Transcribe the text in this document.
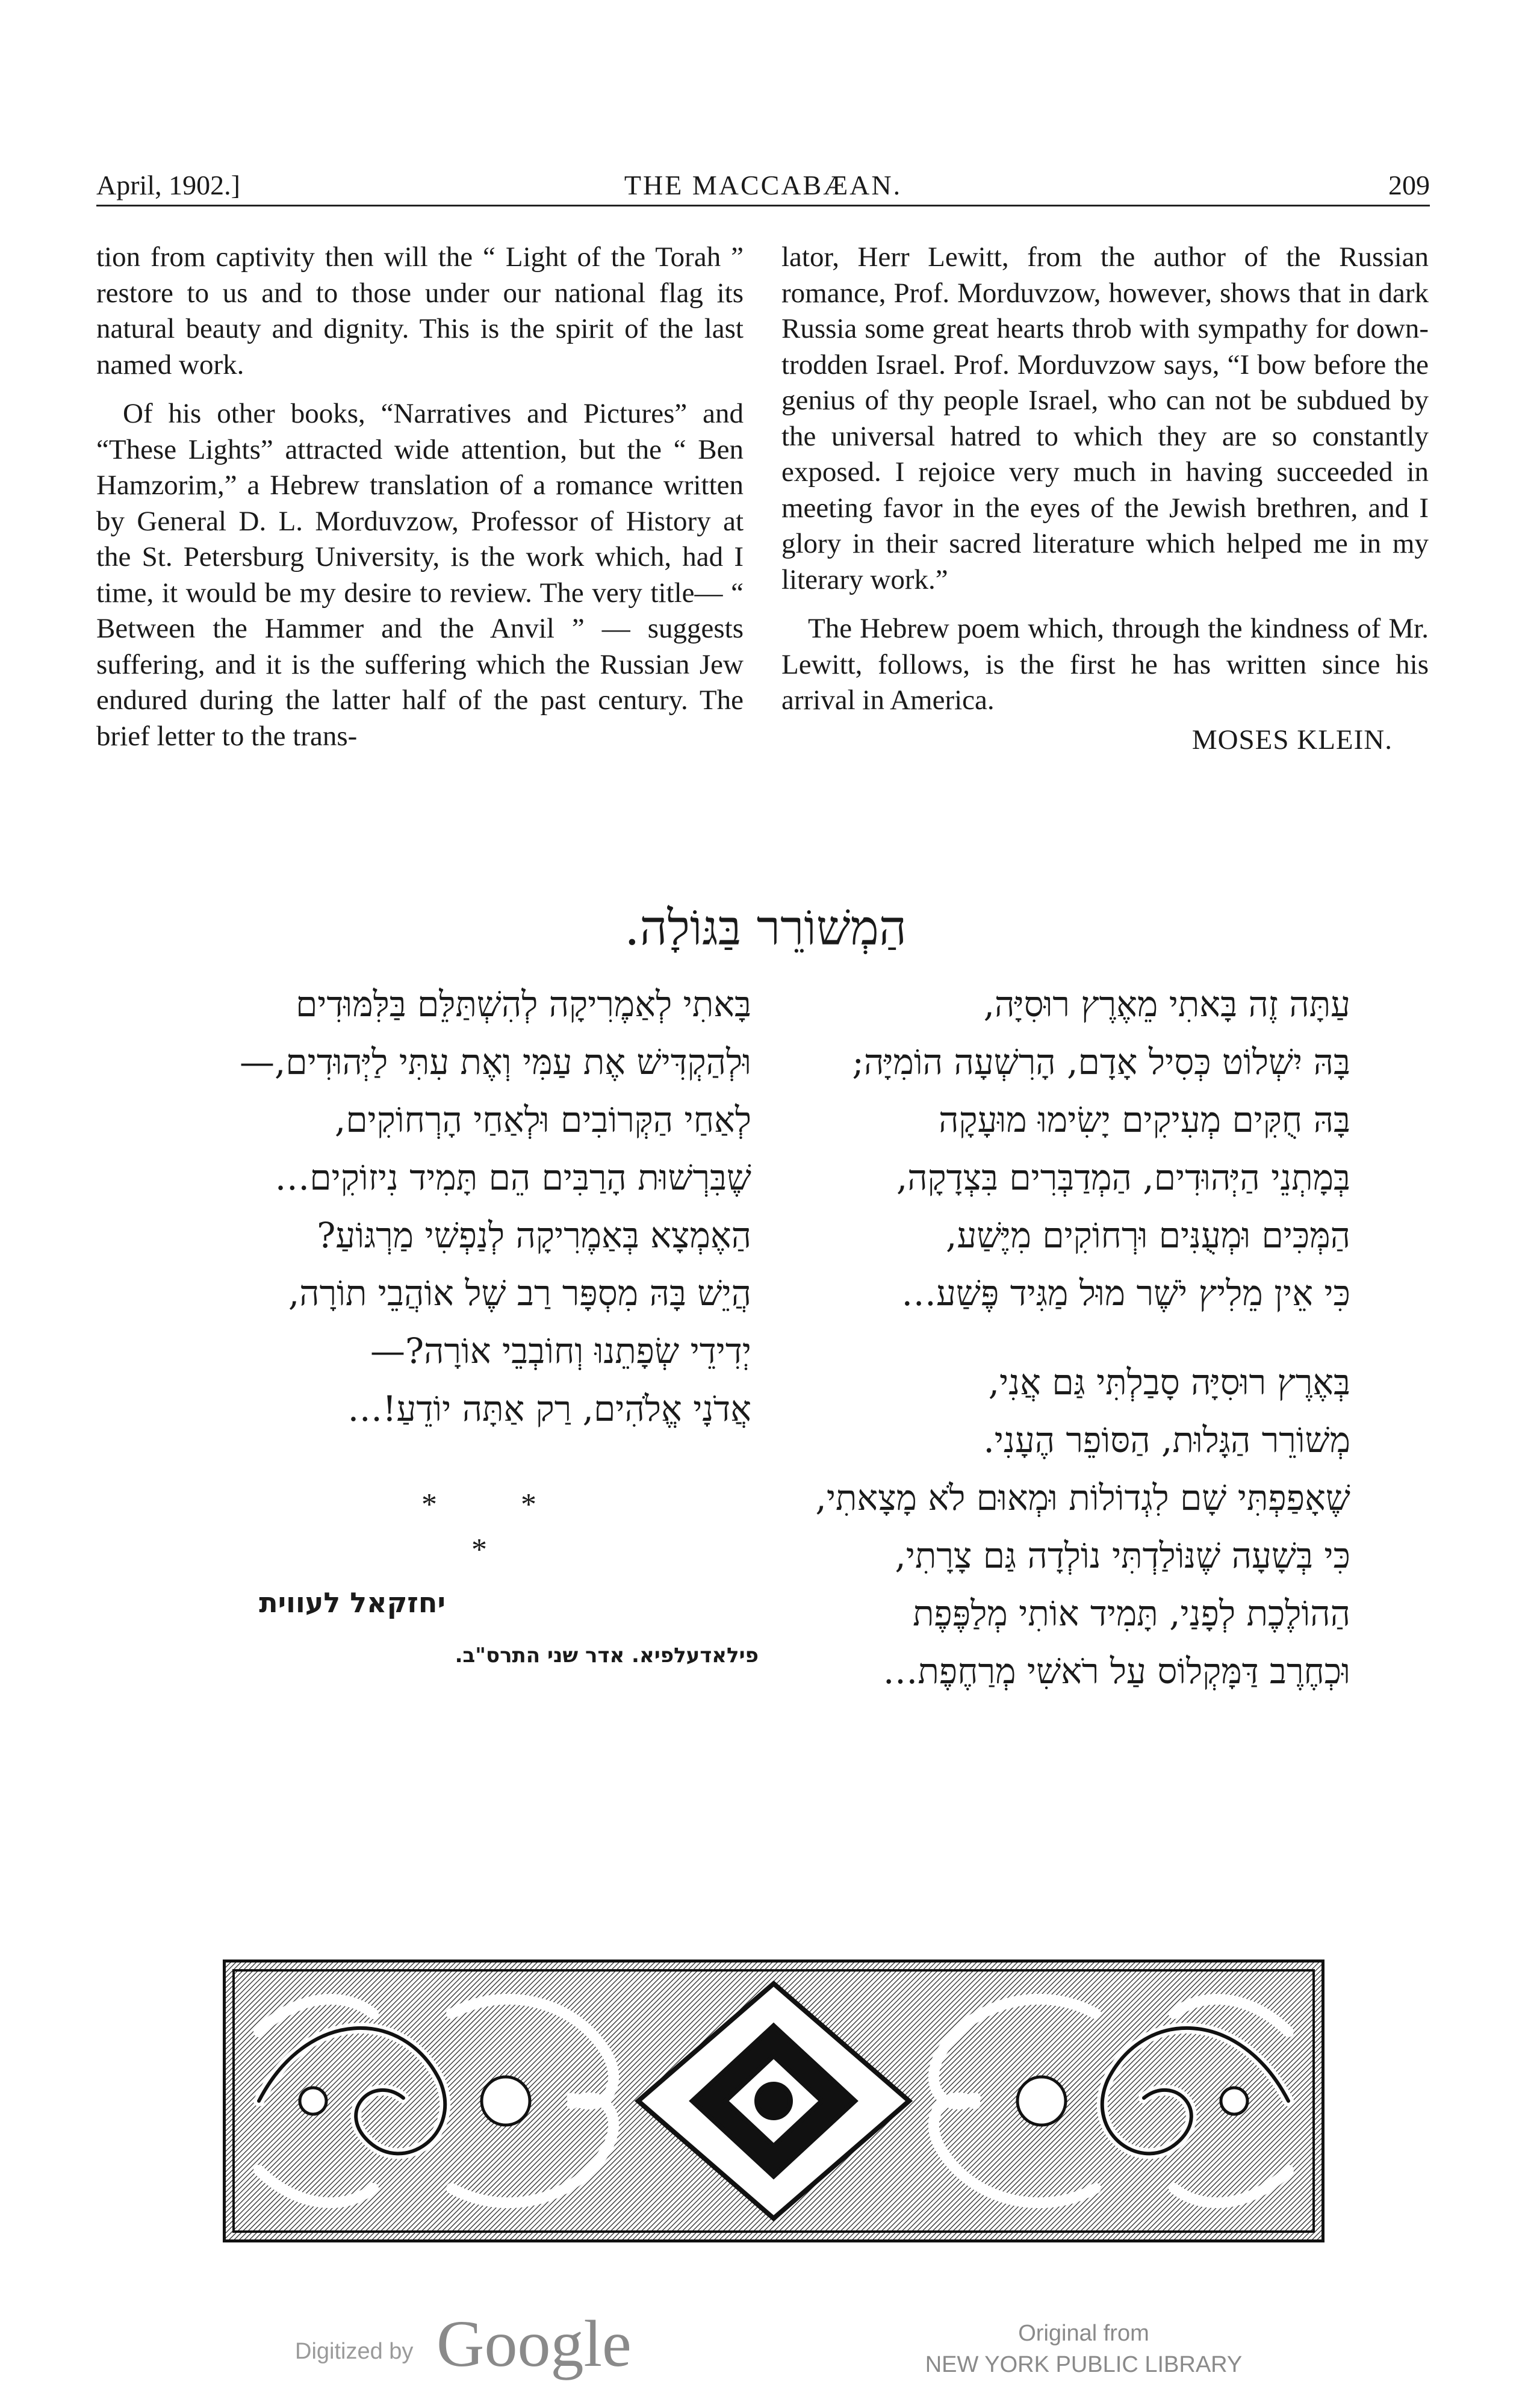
April, 1902.]	THE MACCABÆAN.	209

tion from captivity then will the “ Light of the Torah ” restore to us and to those under our national flag its natural beauty and dignity. This is the spirit of the last named work.

Of his other books, “Narratives and Pictures” and “These Lights” attracted wide attention, but the “ Ben Hamzorim,” a Hebrew translation of a romance written by General D. L. Morduvzow, Professor of History at the St. Petersburg University, is the work which, had I time, it would be my desire to review. The very title— “ Between the Hammer and the Anvil ” — suggests suffering, and it is the suffering which the Russian Jew endured during the latter half of the past century. The brief letter to the trans-

lator, Herr Lewitt, from the author of the Russian romance, Prof. Morduvzow, however, shows that in dark Russia some great hearts throb with sympathy for down-trodden Israel. Prof. Morduvzow says, “I bow before the genius of thy people Israel, who can not be subdued by the universal hatred to which they are so constantly exposed. I rejoice very much in having succeeded in meeting favor in the eyes of the Jewish brethren, and I glory in their sacred literature which helped me in my literary work.”

The Hebrew poem which, through the kindness of Mr. Lewitt, follows, is the first he has written since his arrival in America.

MOSES KLEIN.
הַמְשׁוֹרֵר בַּגּוֹלָה.
עַתָּה זֶה בָּאתִי מֵאֶרֶץ רוּסִיָּה,
בָּהּ יִשְׁלוֹט כְּסִיל אָדָם, הָרִשְׁעָה הוֹמִיָּה;
בָּהּ חֻקִּים מְעִיקִים יָשִׂימוּ מוּעָקָה
בְּמָתְנֵי הַיְּהוּדִים, הַמְדַבְּרִים בִּצְדָקָה,
הַמְּכִּים וּמְעֻנִּים וּרְחוֹקִים מִיֶּשַׁע,
כִּי אֵין מֵלִיץ יֹשֶׁר מוּל מַגִּיד פֶּשַׁע…
בְּאֶרֶץ רוּסִיָּה סָבַלְתִּי גַּם אֲנִי,
מְשׁוֹרֵר הַגָּלוּת, הַסּוֹפֵר הֶעָנִי.
שֶׁאָפַפְתִּי שָׁם לִגְדוֹלוֹת וּמְאוּם לֹא מָצָאתִי,
כִּי בְּשָׁעָה שֶׁנּוֹלַדְתִּי נוֹלְדָה גַּם צָרָתִי,
הַהוֹלֶכֶת לְפָנַי, תָּמִיד אוֹתִי מְלַפֶּפֶת
וּכְחֶרֶב דַּמָּקְלוֹס עַל רֹאשִׁי מְרַחֶפֶת…
בָּאתִי לְאַמֶרִיקָה לְהִשְׁתַּלֵּם בַּלִּמּוּדִים
וּלְהַקְדִּישׁ אֶת עַמִּי וְאֶת עִתִּי לַיְּהוּדִים,—
לְאַחַי הַקְּרוֹבִים וּלְאַחַי הָרְחוֹקִים,
שֶׁבִּרְשׁוּת הָרַבִּים הֵם תָּמִיד נִיזוֹקִים…
הַאֶמְצָא בְּאַמֶרִיקָה לְנַפְשִׁי מַרְגּוֹעַ?
הֲיֵשׁ בָּהּ מִסְפָּר רַב שֶׁל אוֹהֲבֵי תוֹרָה,
יְדִידֵי שְׂפָתֵנוּ וְחוֹבְבֵי אוֹרָה?—
אֲדֹנָי אֱלֹהִים, רַק אַתָּה יוֹדֵעַ!…
*	*
*
יחזקאל לעווית
פילאדעלפיא. אדר שני התרס"ב.
Digitized by Google	Original from
NEW YORK PUBLIC LIBRARY
